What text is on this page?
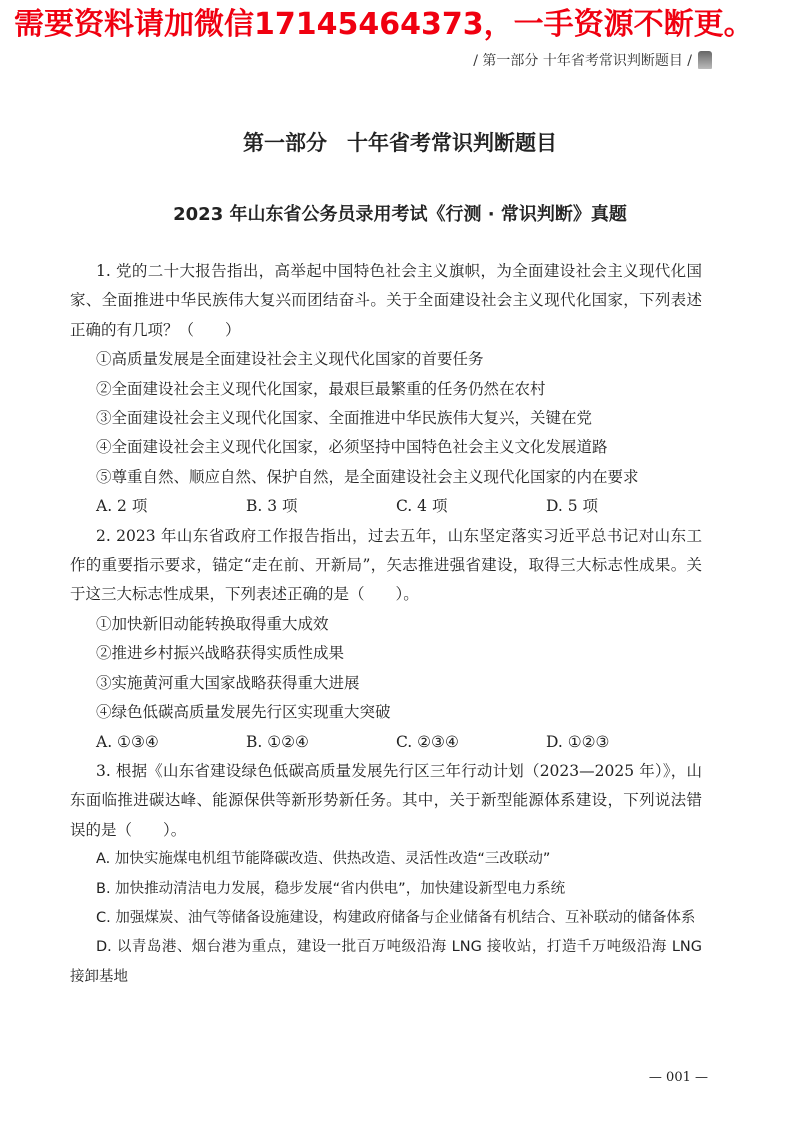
需要资料请加微信17145464373，一手资源不断更。
/ 第一部分 十年省考常识判断题目 /
第一部分 十年省考常识判断题目
2023 年山东省公务员录用考试《行测 · 常识判断》真题
1. 党的二十大报告指出，高举起中国特色社会主义旗帜，为全面建设社会主义现代化国家、全面推进中华民族伟大复兴而团结奋斗。关于全面建设社会主义现代化国家，下列表述正确的有几项？（　　）
①高质量发展是全面建设社会主义现代化国家的首要任务
②全面建设社会主义现代化国家，最艰巨最繁重的任务仍然在农村
③全面建设社会主义现代化国家、全面推进中华民族伟大复兴，关键在党
④全面建设社会主义现代化国家，必须坚持中国特色社会主义文化发展道路
⑤尊重自然、顺应自然、保护自然，是全面建设社会主义现代化国家的内在要求
A. 2 项	B. 3 项	C. 4 项	D. 5 项
2. 2023 年山东省政府工作报告指出，过去五年，山东坚定落实习近平总书记对山东工作的重要指示要求，锚定“走在前、开新局”，矢志推进强省建设，取得三大标志性成果。关于这三大标志性成果，下列表述正确的是（　　）。
①加快新旧动能转换取得重大成效
②推进乡村振兴战略获得实质性成果
③实施黄河重大国家战略获得重大进展
④绿色低碳高质量发展先行区实现重大突破
A. ①③④	B. ①②④	C. ②③④	D. ①②③
3. 根据《山东省建设绿色低碳高质量发展先行区三年行动计划（2023—2025 年）》，山东面临推进碳达峰、能源保供等新形势新任务。其中，关于新型能源体系建设，下列说法错误的是（　　）。
A. 加快实施煤电机组节能降碳改造、供热改造、灵活性改造“三改联动”
B. 加快推动清洁电力发展，稳步发展“省内供电”，加快建设新型电力系统
C. 加强煤炭、油气等储备设施建设，构建政府储备与企业储备有机结合、互补联动的储备体系
D. 以青岛港、烟台港为重点，建设一批百万吨级沿海 LNG 接收站，打造千万吨级沿海 LNG 接卸基地
— 001 —
